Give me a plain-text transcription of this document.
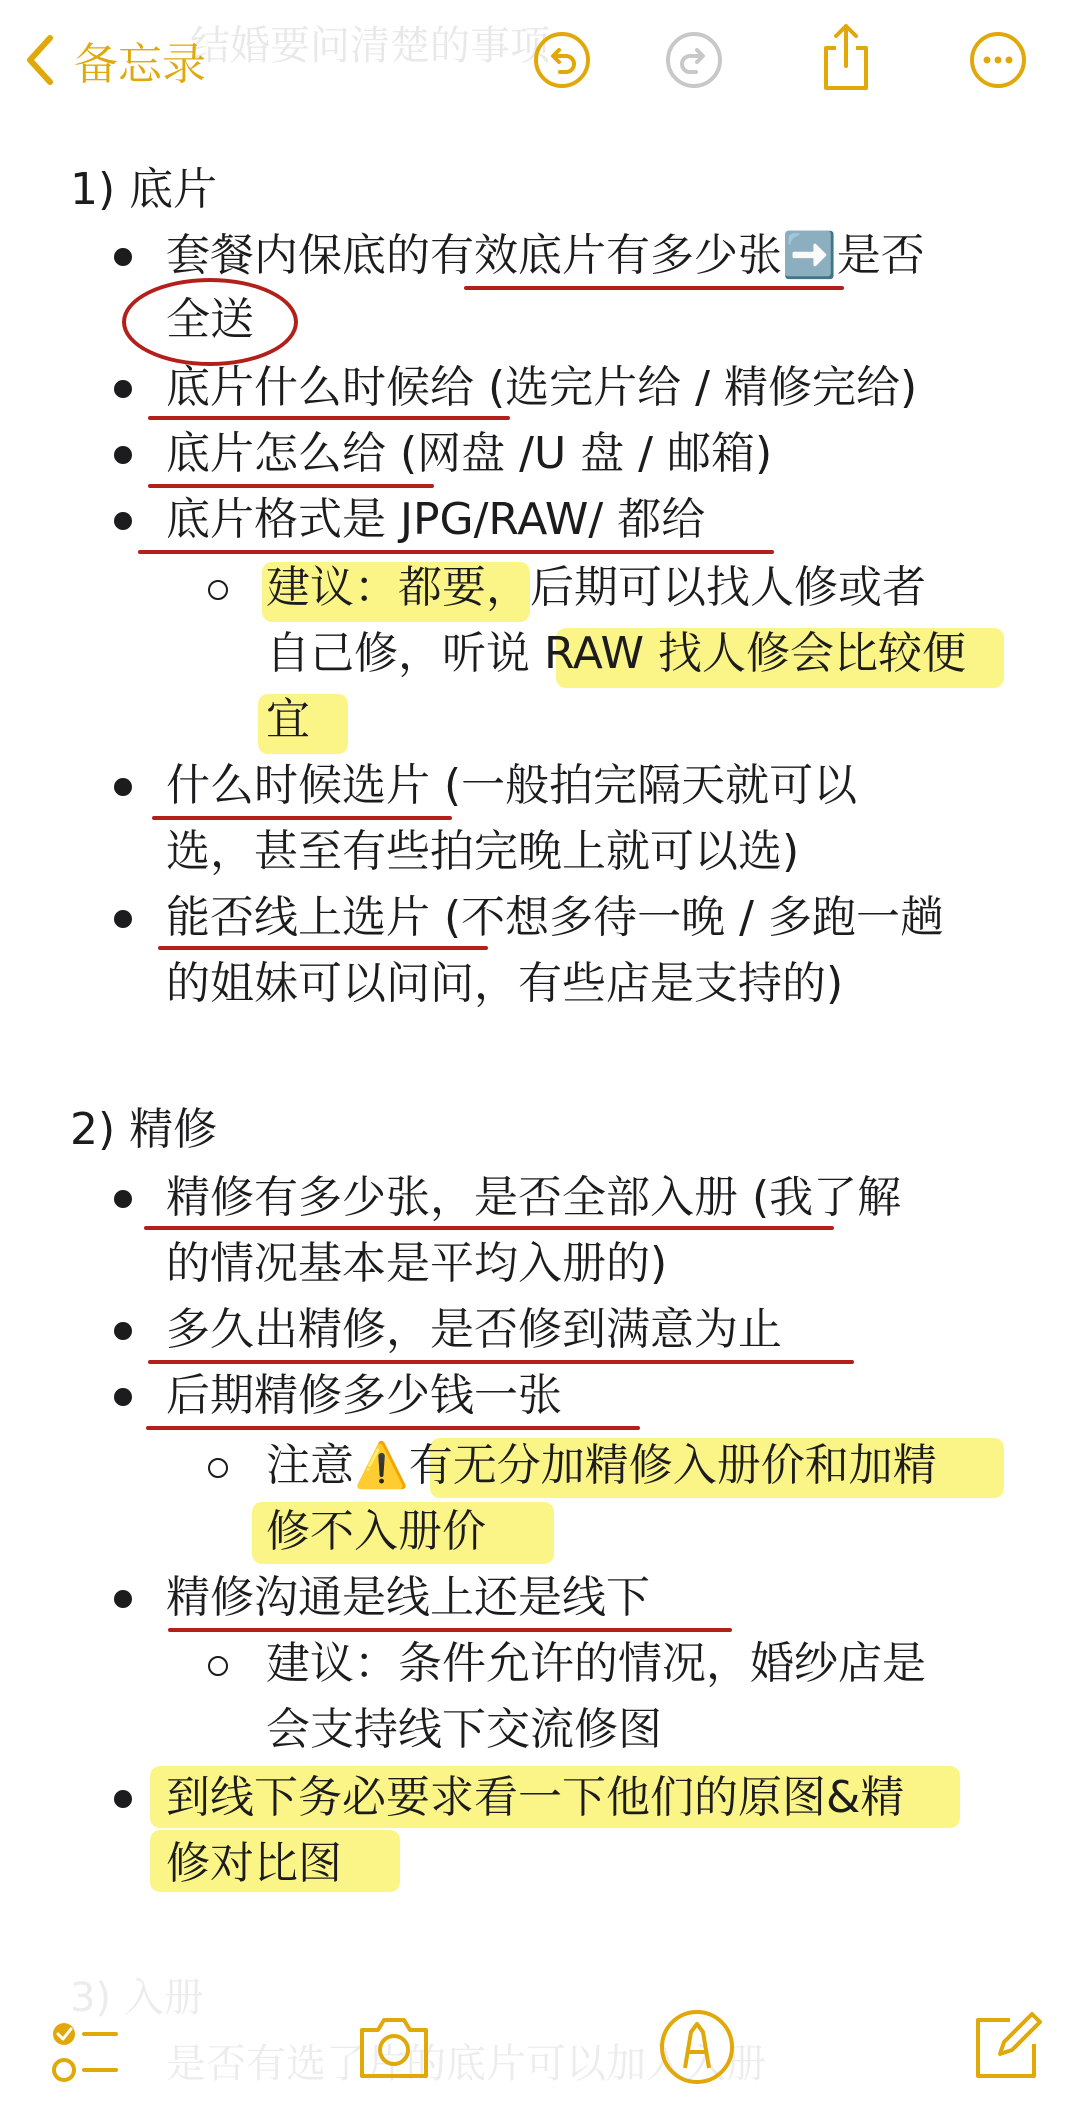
结婚要问清楚的事项
备忘录
1) 底片
套餐内保底的有效底片有多少张➡️是否
全送
底片什么时候给 (选完片给 / 精修完给)
底片怎么给 (网盘 /U 盘 / 邮箱)
底片格式是 JPG/RAW/ 都给
建议：都要，后期可以找人修或者
自己修，听说 RAW 找人修会比较便
宜
什么时候选片 (一般拍完隔天就可以
选，甚至有些拍完晚上就可以选)
能否线上选片 (不想多待一晚 / 多跑一趟
的姐妹可以问问，有些店是支持的)
2) 精修
精修有多少张，是否全部入册 (我了解
的情况基本是平均入册的)
多久出精修，是否修到满意为止
后期精修多少钱一张
注意⚠️有无分加精修入册价和加精
修不入册价
精修沟通是线上还是线下
建议：条件允许的情况，婚纱店是
会支持线下交流修图
到线下务必要求看一下他们的原图&精
修对比图
3) 入册
是否有选了片的底片可以加入入册
